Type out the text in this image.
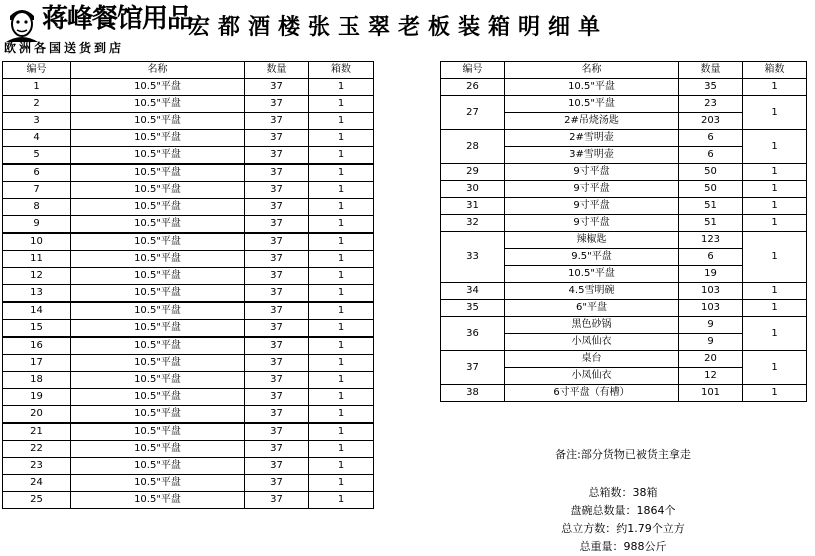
蒋峰餐馆用品
欧洲各国送货到店
宏都酒楼张玉翠老板装箱明细单
编号	名称	数量	箱数
1	10.5"平盘	37	1
2	10.5"平盘	37	1
3	10.5"平盘	37	1
4	10.5"平盘	37	1
5	10.5"平盘	37	1
6	10.5"平盘	37	1
7	10.5"平盘	37	1
8	10.5"平盘	37	1
9	10.5"平盘	37	1
10	10.5"平盘	37	1
11	10.5"平盘	37	1
12	10.5"平盘	37	1
13	10.5"平盘	37	1
14	10.5"平盘	37	1
15	10.5"平盘	37	1
16	10.5"平盘	37	1
17	10.5"平盘	37	1
18	10.5"平盘	37	1
19	10.5"平盘	37	1
20	10.5"平盘	37	1
21	10.5"平盘	37	1
22	10.5"平盘	37	1
23	10.5"平盘	37	1
24	10.5"平盘	37	1
25	10.5"平盘	37	1
编号	名称	数量	箱数
26	10.5"平盘	35	1
27	10.5"平盘	23	1
	2#吊烧汤匙	203	
28	2#雪明壶	6	1
	3#雪明壶	6	
29	9寸平盘	50	1
30	9寸平盘	50	1
31	9寸平盘	51	1
32	9寸平盘	51	1
33	辣椒匙	123	1
	9.5"平盘	6	
	10.5"平盘	19	
34	4.5雪明碗	103	1
35	6"平盘	103	1
36	黑色砂锅	9	1
	小凤仙衣	9	
37	桌台	20	1
	小凤仙衣	12	
38	6寸平盘（有槽）	101	1
备注:部分货物已被货主拿走
总箱数：38箱
盘碗总数量：1864个
总立方数：约1.79个立方
总重量：988公斤
